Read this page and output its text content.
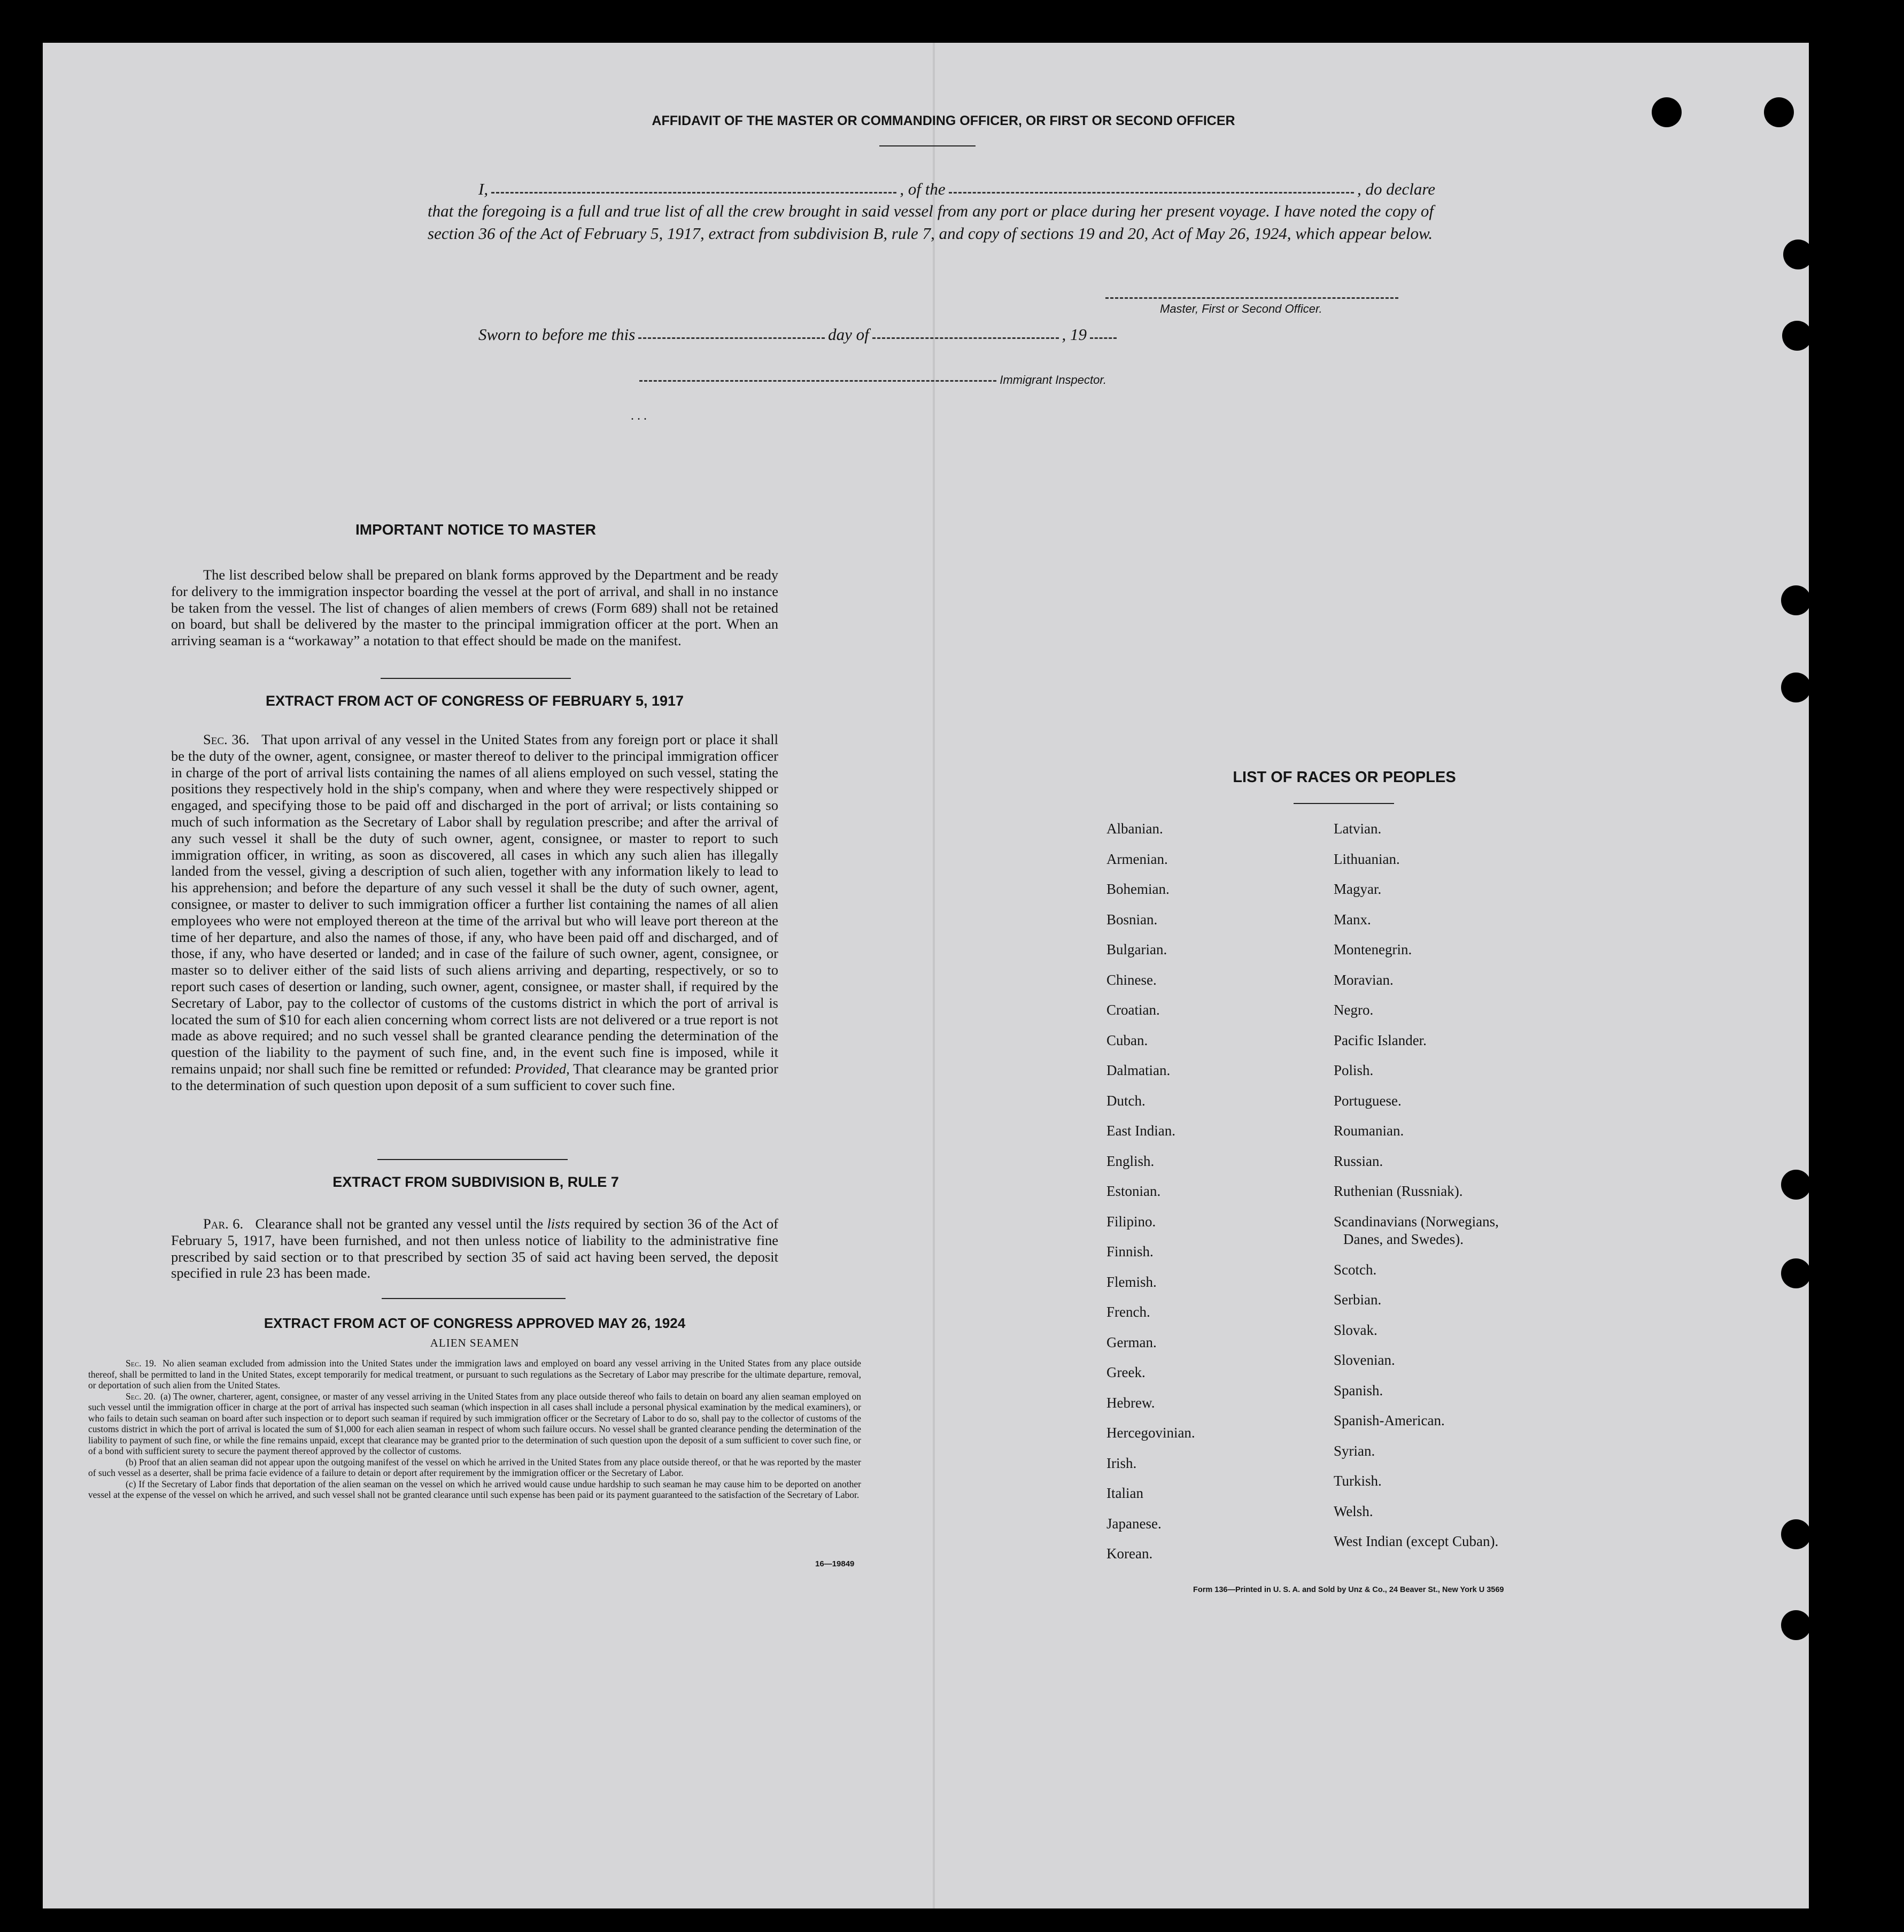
AFFIDAVIT OF THE MASTER OR COMMANDING OFFICER, OR FIRST OR SECOND OFFICER
I,	, of the	, do declare
that the foregoing is a full and true list of all the crew brought in said vessel from any port or place during her present voyage. I have noted the copy of section 36 of the Act of February 5, 1917, extract from subdivision B, rule 7, and copy of sections 19 and 20, Act of May 26, 1924, which appear below.
Master, First or Second Officer.
Sworn to before me this	day of	, 19
Immigrant Inspector.
. . .
IMPORTANT NOTICE TO MASTER
The list described below shall be prepared on blank forms approved by the Department and be ready for delivery to the immigration inspector boarding the vessel at the port of arrival, and shall in no instance be taken from the vessel. The list of changes of alien members of crews (Form 689) shall not be retained on board, but shall be delivered by the master to the principal immigration officer at the port. When an arriving seaman is a “workaway” a notation to that effect should be made on the manifest.
EXTRACT FROM ACT OF CONGRESS OF FEBRUARY 5, 1917
Sec. 36. That upon arrival of any vessel in the United States from any foreign port or place it shall be the duty of the owner, agent, consignee, or master thereof to deliver to the principal immigration officer in charge of the port of arrival lists containing the names of all aliens employed on such vessel, stating the positions they respectively hold in the ship's company, when and where they were respectively shipped or engaged, and specifying those to be paid off and discharged in the port of arrival; or lists containing so much of such information as the Secretary of Labor shall by regulation prescribe; and after the arrival of any such vessel it shall be the duty of such owner, agent, consignee, or master to report to such immigration officer, in writing, as soon as discovered, all cases in which any such alien has illegally landed from the vessel, giving a description of such alien, together with any information likely to lead to his apprehension; and before the departure of any such vessel it shall be the duty of such owner, agent, consignee, or master to deliver to such immigration officer a further list containing the names of all alien employees who were not employed thereon at the time of the arrival but who will leave port thereon at the time of her departure, and also the names of those, if any, who have been paid off and discharged, and of those, if any, who have deserted or landed; and in case of the failure of such owner, agent, consignee, or master so to deliver either of the said lists of such aliens arriving and departing, respectively, or so to report such cases of desertion or landing, such owner, agent, consignee, or master shall, if required by the Secretary of Labor, pay to the collector of customs of the customs district in which the port of arrival is located the sum of $10 for each alien concerning whom correct lists are not delivered or a true report is not made as above required; and no such vessel shall be granted clearance pending the determination of the question of the liability to the payment of such fine, and, in the event such fine is imposed, while it remains unpaid; nor shall such fine be remitted or refunded: Provided, That clearance may be granted prior to the determination of such question upon deposit of a sum sufficient to cover such fine.
EXTRACT FROM SUBDIVISION B, RULE 7
Par. 6. Clearance shall not be granted any vessel until the lists required by section 36 of the Act of February 5, 1917, have been furnished, and not then unless notice of liability to the administrative fine prescribed by said section or to that prescribed by section 35 of said act having been served, the deposit specified in rule 23 has been made.
EXTRACT FROM ACT OF CONGRESS APPROVED MAY 26, 1924
ALIEN SEAMEN
Sec. 19. No alien seaman excluded from admission into the United States under the immigration laws and employed on board any vessel arriving in the United States from any place outside thereof, shall be permitted to land in the United States, except temporarily for medical treatment, or pursuant to such regulations as the Secretary of Labor may prescribe for the ultimate departure, removal, or deportation of such alien from the United States.
Sec. 20. (a) The owner, charterer, agent, consignee, or master of any vessel arriving in the United States from any place outside thereof who fails to detain on board any alien seaman employed on such vessel until the immigration officer in charge at the port of arrival has inspected such seaman (which inspection in all cases shall include a personal physical examination by the medical examiners), or who fails to detain such seaman on board after such inspection or to deport such seaman if required by such immigration officer or the Secretary of Labor to do so, shall pay to the collector of customs of the customs district in which the port of arrival is located the sum of $1,000 for each alien seaman in respect of whom such failure occurs. No vessel shall be granted clearance pending the determination of the liability to payment of such fine, or while the fine remains unpaid, except that clearance may be granted prior to the determination of such question upon the deposit of a sum sufficient to cover such fine, or of a bond with sufficient surety to secure the payment thereof approved by the collector of customs.
(b) Proof that an alien seaman did not appear upon the outgoing manifest of the vessel on which he arrived in the United States from any place outside thereof, or that he was reported by the master of such vessel as a deserter, shall be prima facie evidence of a failure to detain or deport after requirement by the immigration officer or the Secretary of Labor.
(c) If the Secretary of Labor finds that deportation of the alien seaman on the vessel on which he arrived would cause undue hardship to such seaman he may cause him to be deported on another vessel at the expense of the vessel on which he arrived, and such vessel shall not be granted clearance until such expense has been paid or its payment guaranteed to the satisfaction of the Secretary of Labor.
16—19849
LIST OF RACES OR PEOPLES
Albanian.
Armenian.
Bohemian.
Bosnian.
Bulgarian.
Chinese.
Croatian.
Cuban.
Dalmatian.
Dutch.
East Indian.
English.
Estonian.
Filipino.
Finnish.
Flemish.
French.
German.
Greek.
Hebrew.
Hercegovinian.
Irish.
Italian
Japanese.
Korean.
Latvian.
Lithuanian.
Magyar.
Manx.
Montenegrin.
Moravian.
Negro.
Pacific Islander.
Polish.
Portuguese.
Roumanian.
Russian.
Ruthenian (Russniak).
Scandinavians (Norwegians,
Danes, and Swedes).
Scotch.
Serbian.
Slovak.
Slovenian.
Spanish.
Spanish-American.
Syrian.
Turkish.
Welsh.
West Indian (except Cuban).
Form 136—Printed in U. S. A. and Sold by Unz & Co., 24 Beaver St., New York U 3569
